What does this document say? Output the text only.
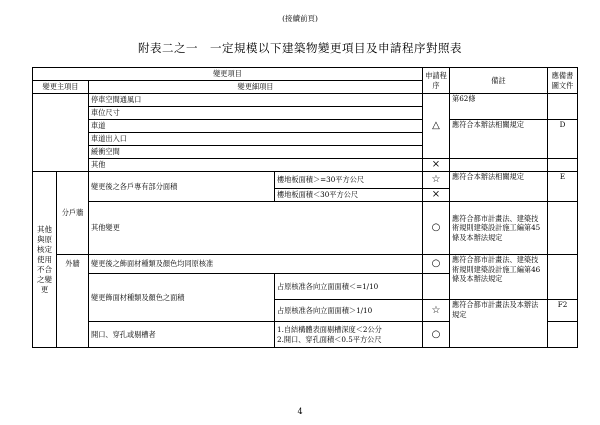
(接續前頁)
附表二之一　一定規模以下建築物變更項目及申請程序對照表
變更項目				申請程序	備註	應備書圖文件
變更主項目		變更細項目				
		停車空間通風口		△	第62條	
		車位尺寸				
		車道			應符合本辦法相關規定	D
		車道出入口				
		緩衝空間				
		其他		×		
其他與原核定使用不合之變更	分戶牆	變更後之各戶專有部分面積	樓地板面積＞=30平方公尺	☆	應符合本辦法相關規定	E
			樓地板面積＜30平方公尺	×		
		其他變更		○	應符合都市計畫法、建築技術規則建築設計施工編第45條及本辦法規定	
	外牆	變更後之飾面材種類及顏色均同原核准		○	應符合都市計畫法、建築技術規則建築設計施工編第46條及本辦法規定	
		變更飾面材種類及顏色之面積	占原核准各向立面面積＜=1/10			

			占原核准各向立面面積＞1/10	☆	應符合都市計畫法及本辦法規定	F2
		開口、穿孔或剔槽者	1.自結構體表面剔槽深度＜2公分
2.開口、穿孔面積＜0.5平方公尺	○		
4
